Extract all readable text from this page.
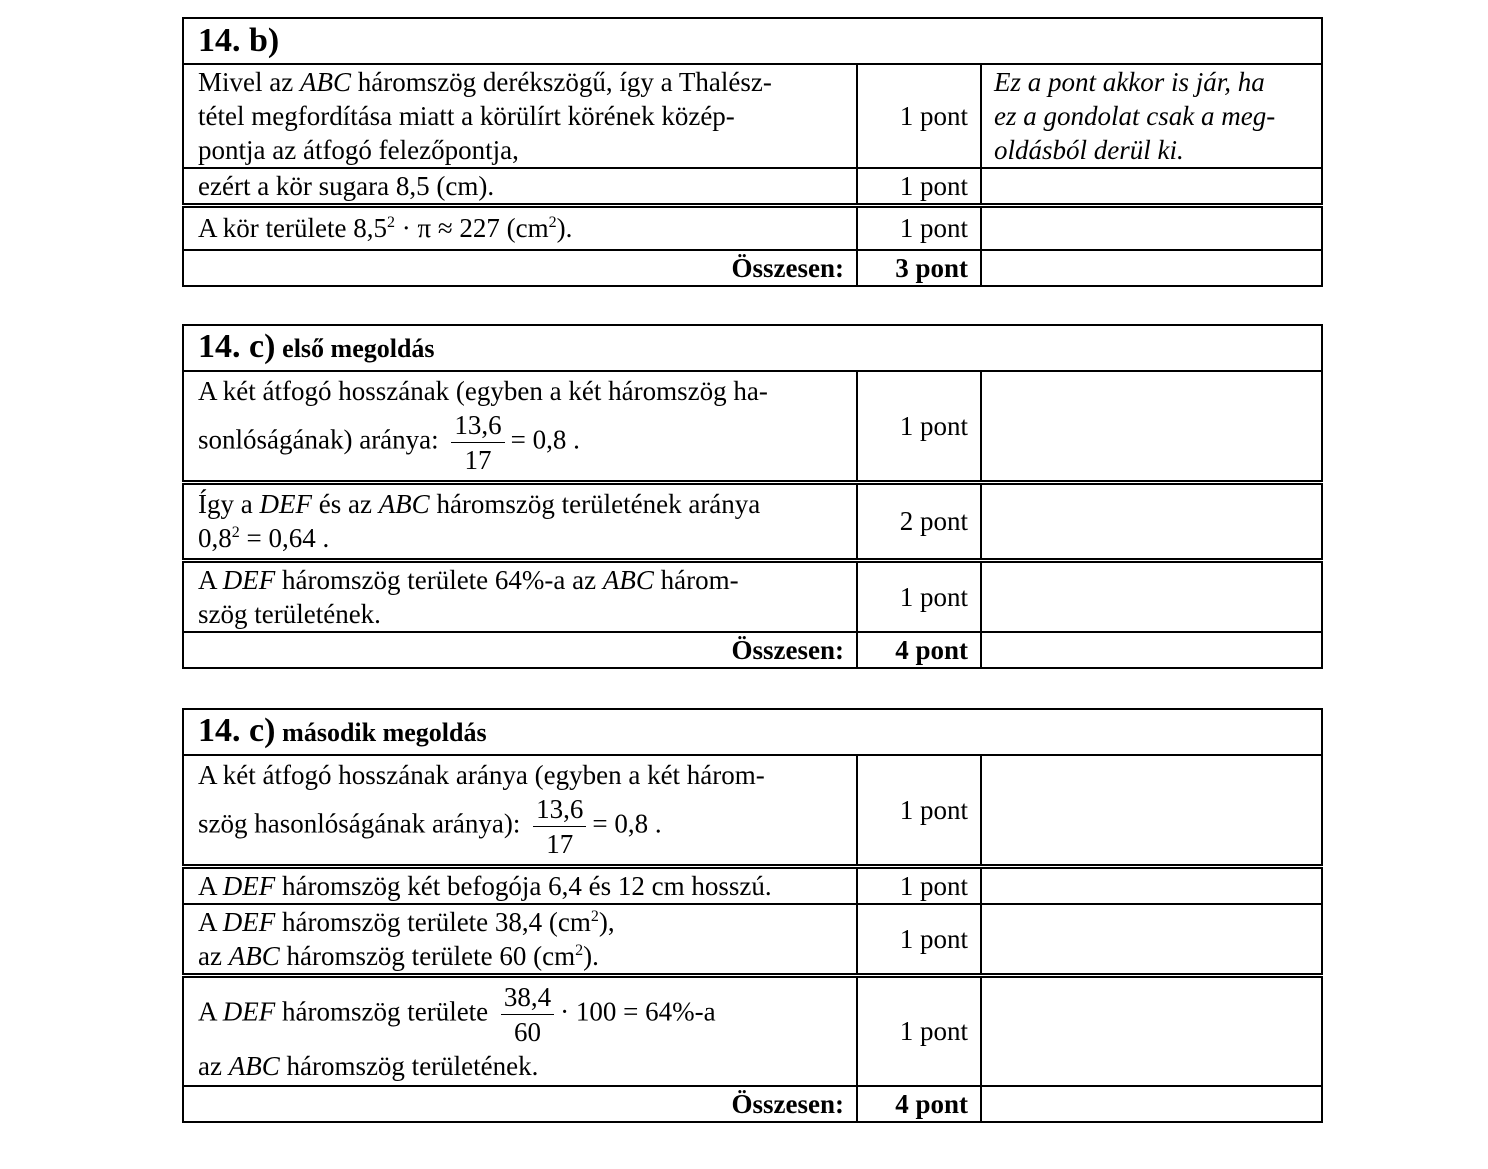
14. b)		
Mivel az ABC háromszög derékszögű, így a Thalész-
tétel megfordítása miatt a körülírt körének közép-
pontja az átfogó felezőpontja,	1 pont	Ez a pont akkor is jár, ha
ez a gondolat csak a meg-
oldásból derül ki.
ezért a kör sugara 8,5 (cm).	1 pont	
A kör területe $8,5^2 \cdot \pi \approx 227$ $(cm^2)$.	1 pont	
Összesen:	3 pont	
14. c) első megoldás		
A két átfogó hosszának (egyben a két háromszög ha-
sonlóságának) aránya: $\frac{13,6}{17} = 0,8$ .	1 pont	
Így a DEF és az ABC háromszög területének aránya
$0,8^2 = 0,64$ .	2 pont	
A DEF háromszög területe 64%-a az ABC három-
szög területének.	1 pont	
Összesen:	4 pont	
14. c) második megoldás		
A két átfogó hosszának aránya (egyben a két három-
szög hasonlóságának aránya): $\frac{13,6}{17} = 0,8$ .	1 pont	
A DEF háromszög két befogója 6,4 és 12 cm hosszú.	1 pont	
A DEF háromszög területe 38,4 $(cm^2)$,
az ABC háromszög területe 60 $(cm^2)$.	1 pont	
A DEF háromszög területe $\frac{38,4}{60} \cdot 100 = 64\%-a$
az ABC háromszög területének.	1 pont	
Összesen:	4 pont	
